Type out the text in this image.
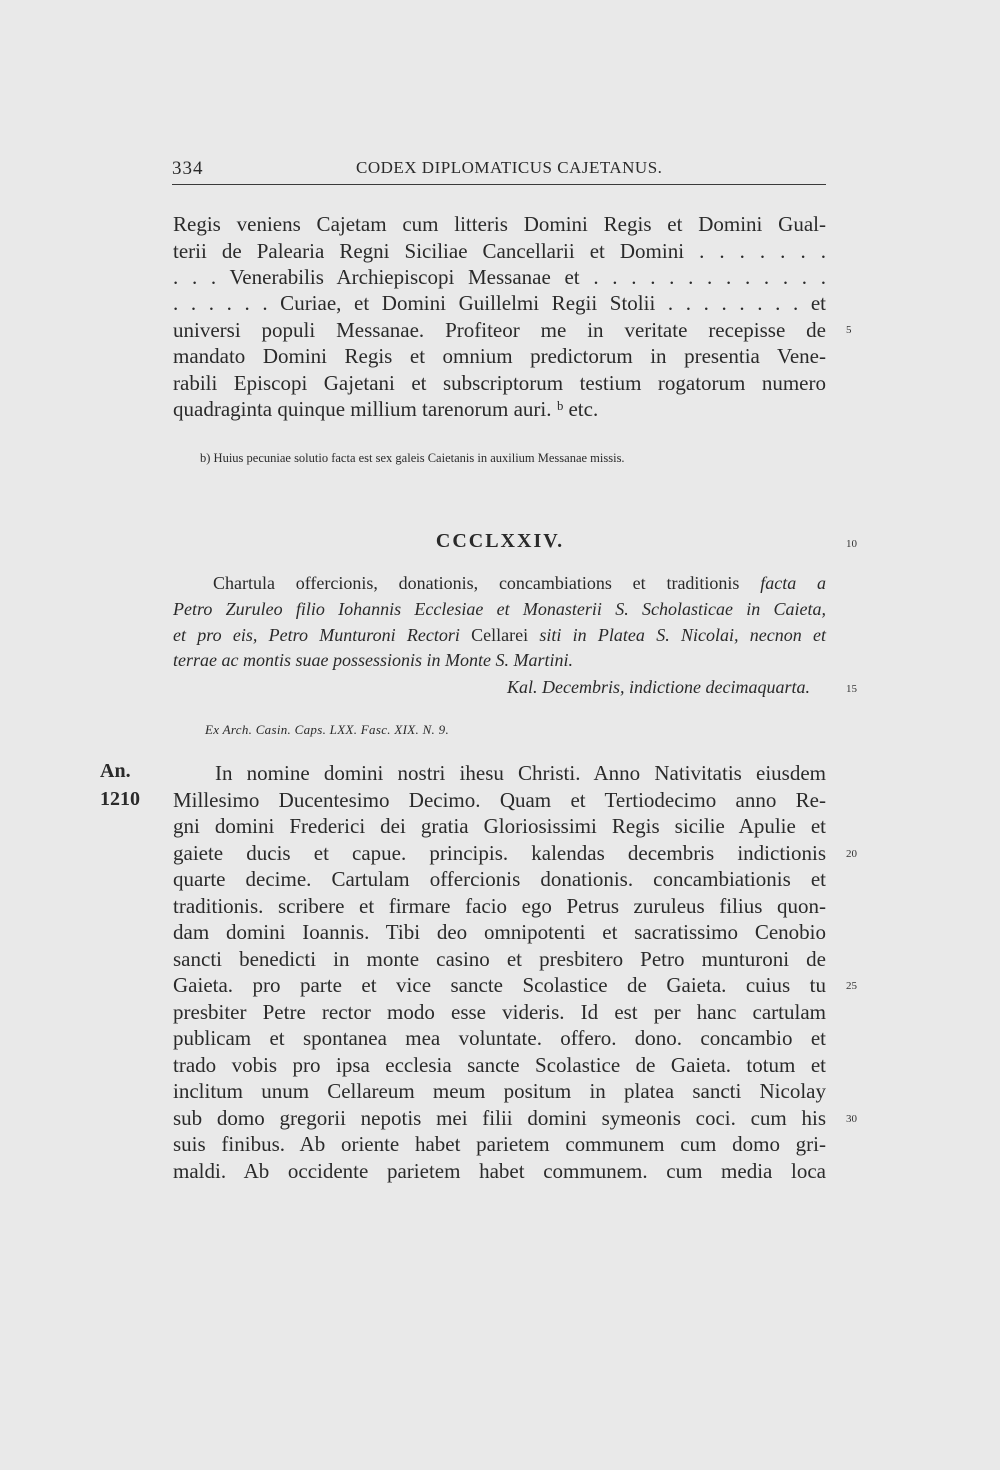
334	CODEX DIPLOMATICUS CAJETANUS.
Regis veniens Cajetam cum litteris Domini Regis et Domini Gual-
terii de Palearia Regni Siciliae Cancellarii et Domini . . . . . . .
. . . Venerabilis Archiepiscopi Messanae et . . . . . . . . . . . . .
. . . . . . Curiae, et Domini Guillelmi Regii Stolii . . . . . . . . et
universi populi Messanae. Profiteor me in veritate recepisse de
mandato Domini Regis et omnium predictorum in presentia Vene-
rabili Episcopi Gajetani et subscriptorum testium rogatorum numero
quadraginta quinque millium tarenorum auri. ᵇ etc.
b) Huius pecuniae solutio facta est sex galeis Caietanis in auxilium Messanae missis.
CCCLXXIV.
Chartula offercionis, donationis, concambiations et traditionis facta a
Petro Zuruleo filio Iohannis Ecclesiae et Monasterii S. Scholasticae in Caieta,
et pro eis, Petro Munturoni Rectori Cellarei siti in Platea S. Nicolai, necnon et
terrae ac montis suae possessionis in Monte S. Martini.
Kal. Decembris, indictione decimaquarta.
Ex Arch. Casin. Caps. LXX. Fasc. XIX. N. 9.
An.
1210
In nomine domini nostri ihesu Christi. Anno Nativitatis eiusdem
Millesimo Ducentesimo Decimo. Quam et Tertiodecimo anno Re-
gni domini Frederici dei gratia Gloriosissimi Regis sicilie Apulie et
gaiete ducis et capue. principis. kalendas decembris indictionis
quarte decime. Cartulam offercionis donationis. concambiationis et
traditionis. scribere et firmare facio ego Petrus zuruleus filius quon-
dam domini Ioannis. Tibi deo omnipotenti et sacratissimo Cenobio
sancti benedicti in monte casino et presbitero Petro munturoni de
Gaieta. pro parte et vice sancte Scolastice de Gaieta. cuius tu
presbiter Petre rector modo esse videris. Id est per hanc cartulam
publicam et spontanea mea voluntate. offero. dono. concambio et
trado vobis pro ipsa ecclesia sancte Scolastice de Gaieta. totum et
inclitum unum Cellareum meum positum in platea sancti Nicolay
sub domo gregorii nepotis mei filii domini symeonis coci. cum his
suis finibus. Ab oriente habet parietem communem cum domo gri-
maldi. Ab occidente parietem habet communem. cum media loca
5
10
15
20
25
30
